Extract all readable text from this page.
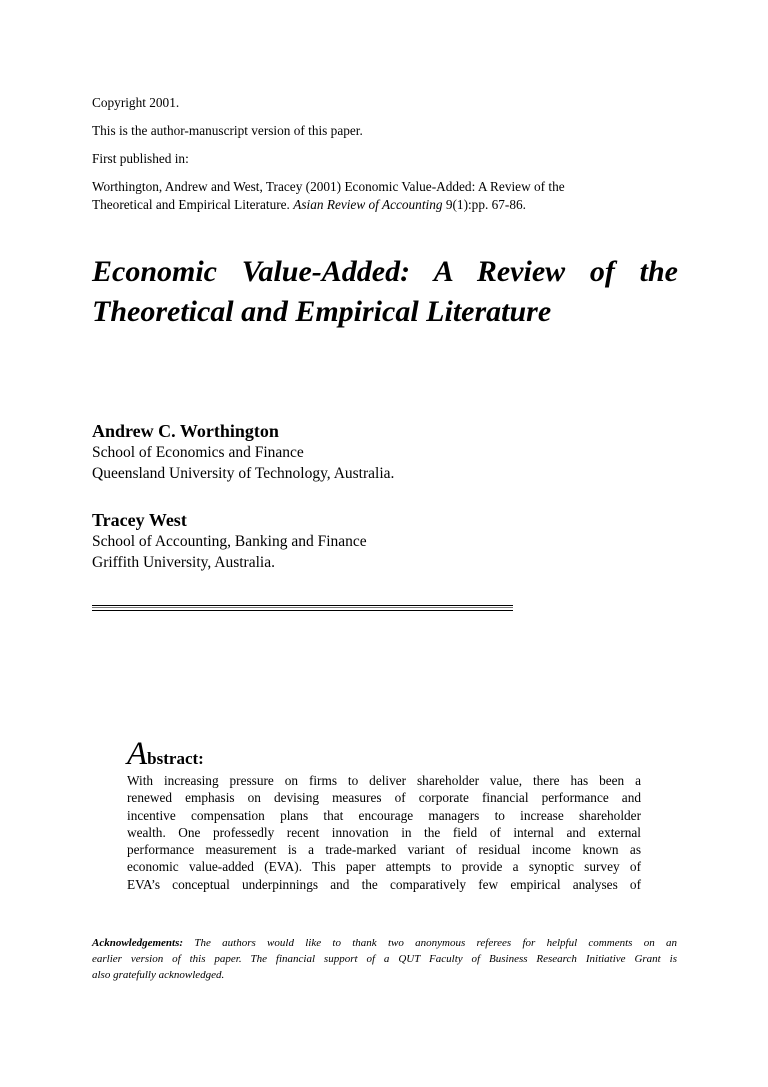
Copyright 2001.
This is the author-manuscript version of this paper.
First published in:
Worthington, Andrew and West, Tracey (2001) Economic Value-Added: A Review of the
Theoretical and Empirical Literature. Asian Review of Accounting 9(1):pp. 67-86.
Economic Value-Added: A Review of the
Theoretical and Empirical Literature
Andrew C. Worthington
School of Economics and Finance
Queensland University of Technology, Australia.
Tracey West
School of Accounting, Banking and Finance
Griffith University, Australia.
Abstract:
With increasing pressure on firms to deliver shareholder value, there has been a
renewed emphasis on devising measures of corporate financial performance and
incentive compensation plans that encourage managers to increase shareholder
wealth. One professedly recent innovation in the field of internal and external
performance measurement is a trade-marked variant of residual income known as
economic value-added (EVA). This paper attempts to provide a synoptic survey of
EVA’s conceptual underpinnings and the comparatively few empirical analyses of
Acknowledgements: The authors would like to thank two anonymous referees for helpful comments on an
earlier version of this paper. The financial support of a QUT Faculty of Business Research Initiative Grant is
also gratefully acknowledged.
